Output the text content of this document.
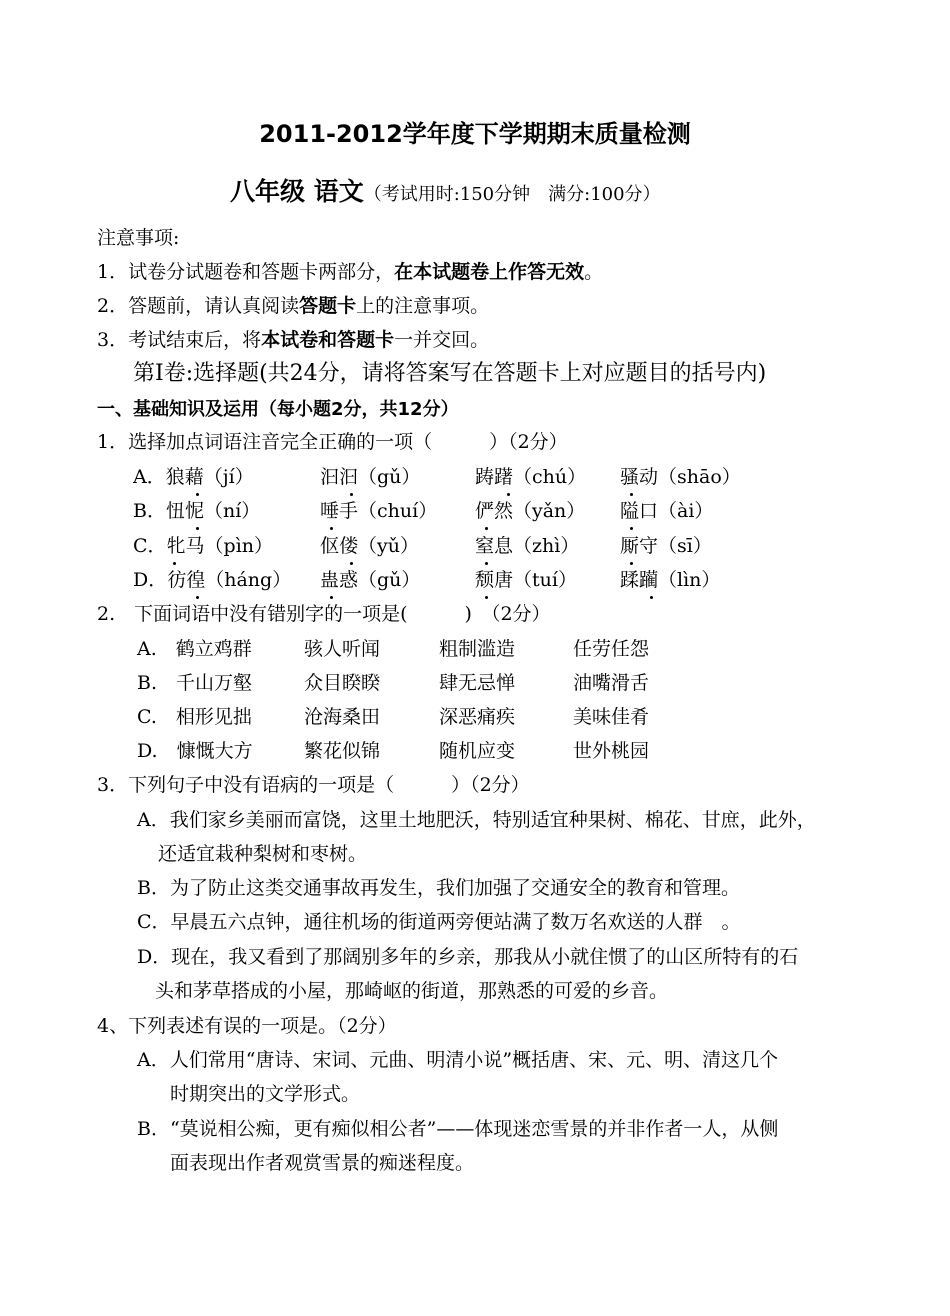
2011-2012学年度下学期期末质量检测
八年级 语文（考试用时:150分钟　满分:100分）
注意事项:
1．试卷分试题卷和答题卡两部分，在本试题卷上作答无效。
2．答题前，请认真阅读答题卡上的注意事项。
3．考试结束后，将本试卷和答题卡一并交回。
第Ⅰ卷:选择题(共24分，请将答案写在答题卡上对应题目的括号内)
一、基础知识及运用（每小题2分，共12分）
1．选择加点词语注音完全正确的一项（　　　）（2分）
A．狼藉（jí）	汩汩（gǔ）	踌躇（chú） 骚动（shāo）
B．忸怩（ní）	唾手（chuí） 俨然（yǎn） 隘口（ài）
C．牝马（pìn） 伛偻（yǔ）	窒息（zhì） 厮守（sī）
D．彷徨（háng） 蛊惑（gǔ）	颓唐（tuí） 蹂躏（lìn）
2.　下面词语中没有错别字的一项是(　　　)　（2分）
A.　鹤立鸡群	骇人听闻	粗制滥造	任劳任怨
B.　千山万壑	众目睽睽	肆无忌惮	油嘴滑舌
C.　相形见拙	沧海桑田	深恶痛疾	美味佳肴
D.　慷慨大方	繁花似锦	随机应变	世外桃园
3．下列句子中没有语病的一项是（　　　）（2分）
A．我们家乡美丽而富饶，这里土地肥沃，特别适宜种果树、棉花、甘庶，此外，
还适宜栽种梨树和枣树。
B．为了防止这类交通事故再发生，我们加强了交通安全的教育和管理。
C．早晨五六点钟，通往机场的街道两旁便站满了数万名欢送的人群　。
D．现在，我又看到了那阔别多年的乡亲，那我从小就住惯了的山区所特有的石
头和茅草搭成的小屋，那崎岖的街道，那熟悉的可爱的乡音。
4、下列表述有误的一项是。（2分）
A．人们常用“唐诗、宋词、元曲、明清小说”概括唐、宋、元、明、清这几个
时期突出的文学形式。
B．“莫说相公痴，更有痴似相公者”——体现迷恋雪景的并非作者一人，从侧
面表现出作者观赏雪景的痴迷程度。
